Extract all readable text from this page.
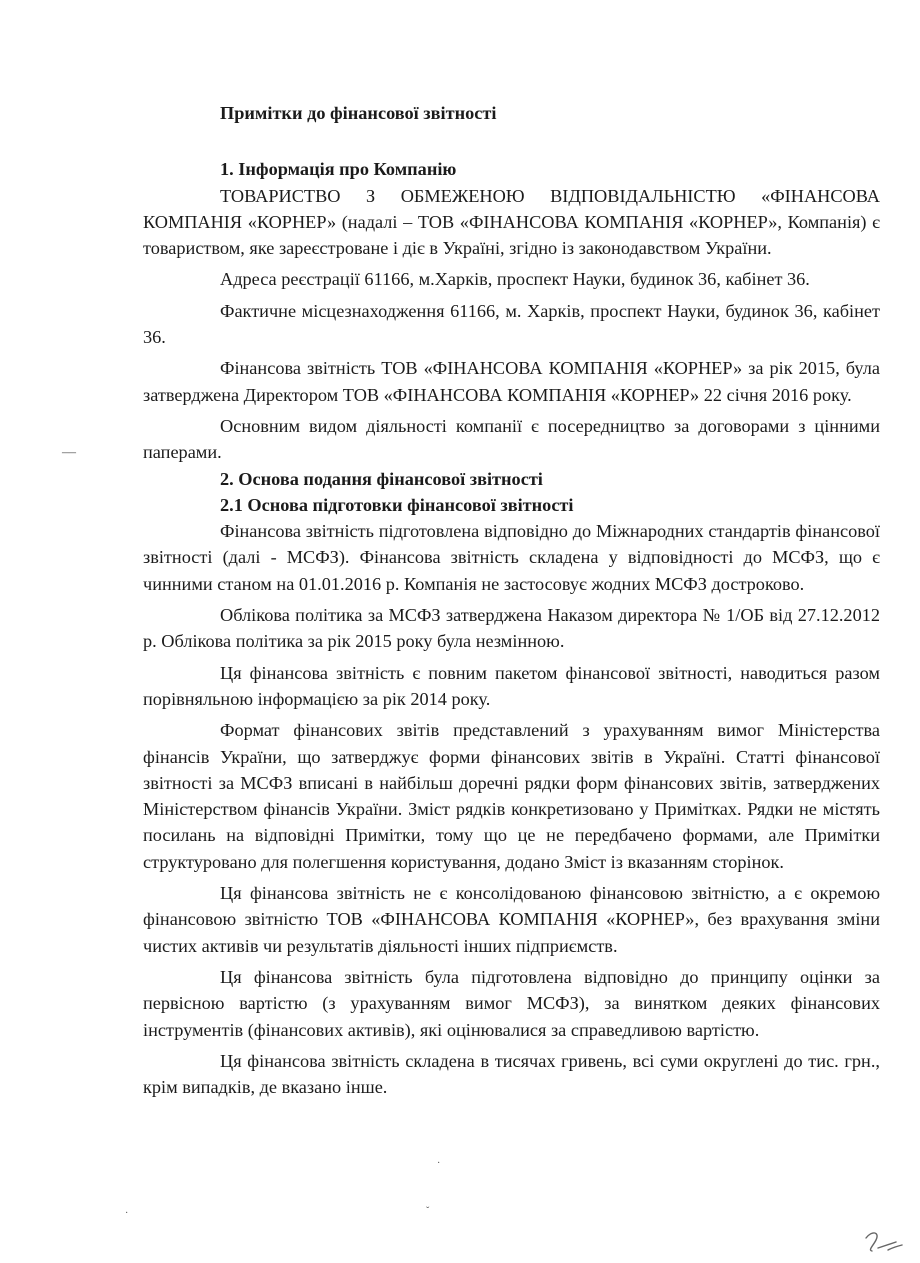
Примітки до фінансової звітності
1. Інформація про Компанію

ТОВАРИСТВО З ОБМЕЖЕНОЮ ВІДПОВІДАЛЬНІСТЮ «ФІНАНСОВА КОМПАНІЯ «КОРНЕР» (надалі – ТОВ «ФІНАНСОВА КОМПАНІЯ «КОРНЕР», Компанія) є товариством, яке зареєстроване і діє в Україні, згідно із законодавством України.

Адреса реєстрації 61166, м.Харків, проспект Науки, будинок 36, кабінет 36.

Фактичне місцезнаходження 61166, м. Харків, проспект Науки, будинок 36, кабінет 36.

Фінансова звітність ТОВ «ФІНАНСОВА КОМПАНІЯ «КОРНЕР» за рік 2015, була затверджена Директором ТОВ «ФІНАНСОВА КОМПАНІЯ «КОРНЕР» 22 січня 2016 року.

Основним видом діяльності компанії є посередництво за договорами з цінними паперами.

2. Основа подання фінансової звітності
2.1 Основа підготовки фінансової звітності

Фінансова звітність підготовлена відповідно до Міжнародних стандартів фінансової звітності (далі - МСФЗ). Фінансова звітність складена у відповідності до МСФЗ, що є чинними станом на 01.01.2016 р. Компанія не застосовує жодних МСФЗ достроково.

Облікова політика за МСФЗ затверджена Наказом директора № 1/ОБ від 27.12.2012 р. Облікова політика за рік 2015 року була незмінною.

Ця фінансова звітність є повним пакетом фінансової звітності, наводиться разом порівняльною інформацією за рік 2014 року.

Формат фінансових звітів представлений з урахуванням вимог Міністерства фінансів України, що затверджує форми фінансових звітів в Україні. Статті фінансової звітності за МСФЗ вписані в найбільш доречні рядки форм фінансових звітів, затверджених Міністерством фінансів України. Зміст рядків конкретизовано у Примітках. Рядки не містять посилань на відповідні Примітки, тому що це не передбачено формами, але Примітки структуровано для полегшення користування, додано Зміст із вказанням сторінок.

Ця фінансова звітність не є консолідованою фінансовою звітністю, а є окремою фінансовою звітністю ТОВ «ФІНАНСОВА КОМПАНІЯ «КОРНЕР», без врахування зміни чистих активів чи результатів діяльності інших підприємств.

Ця фінансова звітність була підготовлена відповідно до принципу оцінки за первісною вартістю (з урахуванням вимог МСФЗ), за винятком деяких фінансових інструментів (фінансових активів), які оцінювалися за справедливою вартістю.

Ця фінансова звітність складена в тисячах гривень, всі суми округлені до тис. грн., крім випадків, де вказано інше.

––
·
·	ˇ
